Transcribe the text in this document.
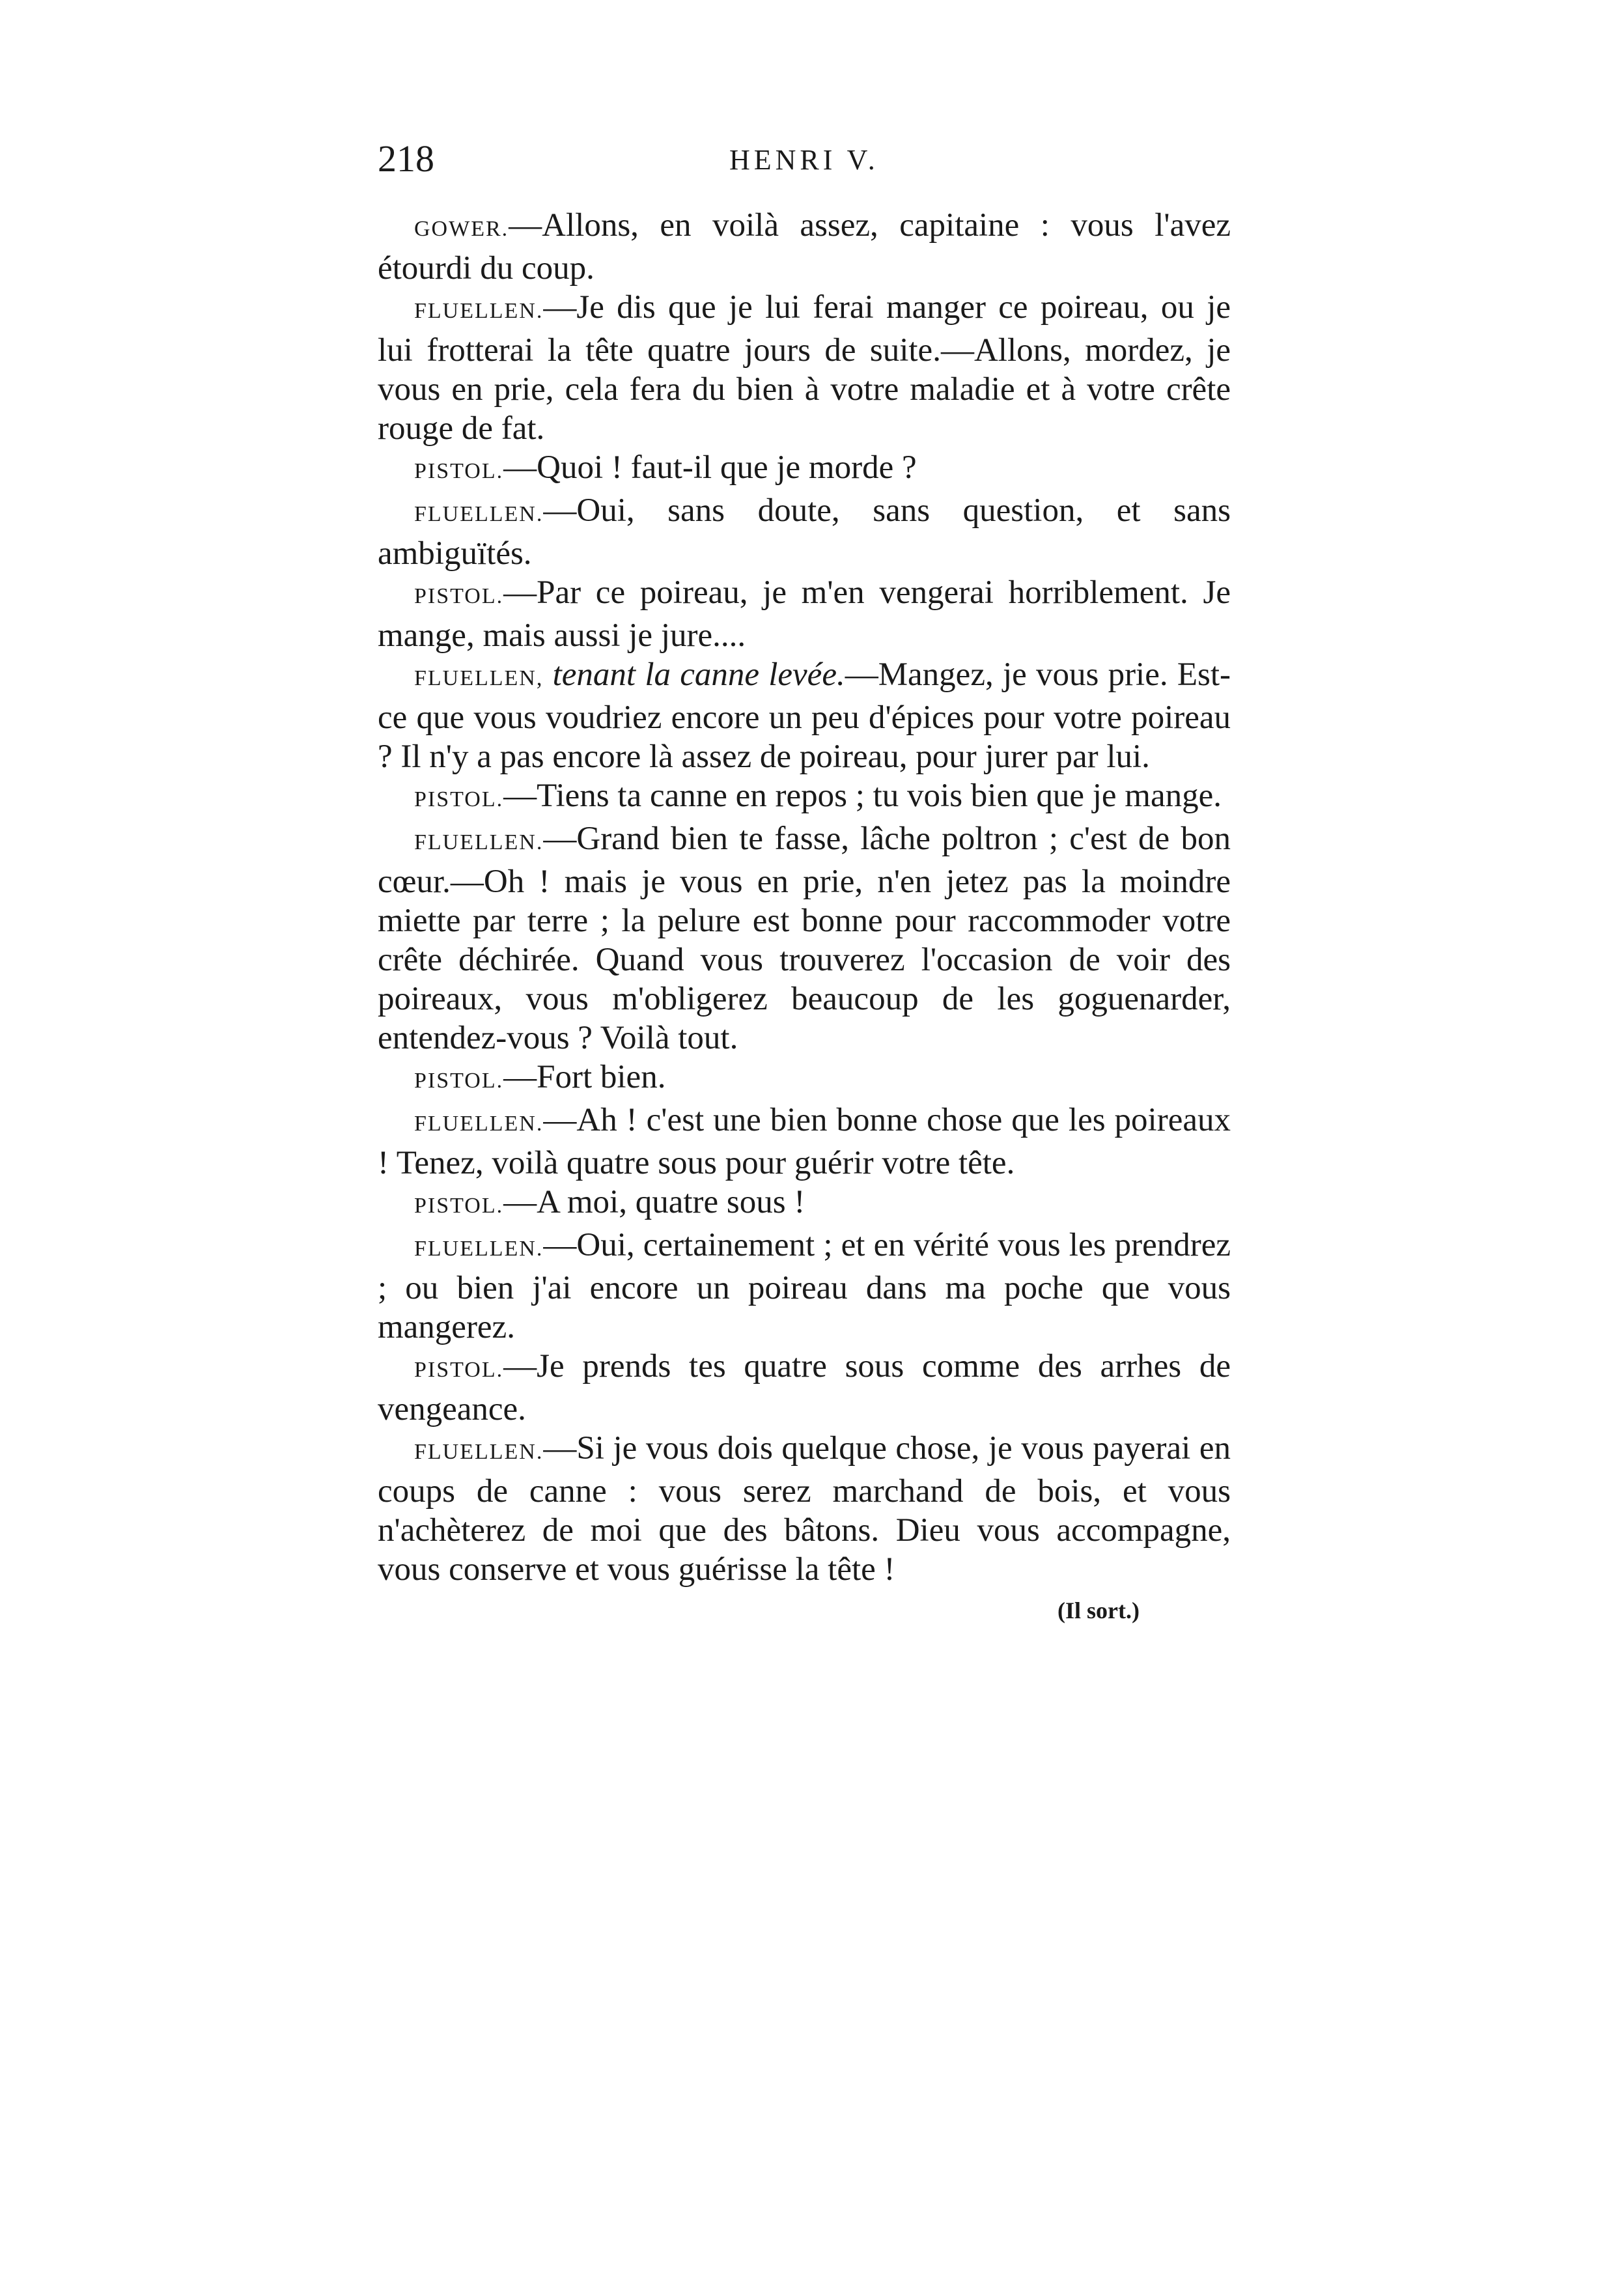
218	HENRI V.

GOWER.—Allons, en voilà assez, capitaine : vous l'avez étourdi du coup.

FLUELLEN.—Je dis que je lui ferai manger ce poireau, ou je lui frotterai la tête quatre jours de suite.—Allons, mordez, je vous en prie, cela fera du bien à votre maladie et à votre crête rouge de fat.

PISTOL.—Quoi ! faut-il que je morde ?

FLUELLEN.—Oui, sans doute, sans question, et sans ambiguïtés.

PISTOL.—Par ce poireau, je m'en vengerai horriblement. Je mange, mais aussi je jure....

FLUELLEN, tenant la canne levée.—Mangez, je vous prie. Est-ce que vous voudriez encore un peu d'épices pour votre poireau ? Il n'y a pas encore là assez de poireau, pour jurer par lui.

PISTOL.—Tiens ta canne en repos ; tu vois bien que je mange.

FLUELLEN.—Grand bien te fasse, lâche poltron ; c'est de bon cœur.—Oh ! mais je vous en prie, n'en jetez pas la moindre miette par terre ; la pelure est bonne pour raccommoder votre crête déchirée. Quand vous trouverez l'occasion de voir des poireaux, vous m'obligerez beaucoup de les goguenarder, entendez-vous ? Voilà tout.

PISTOL.—Fort bien.

FLUELLEN.—Ah ! c'est une bien bonne chose que les poireaux ! Tenez, voilà quatre sous pour guérir votre tête.

PISTOL.—A moi, quatre sous !

FLUELLEN.—Oui, certainement ; et en vérité vous les prendrez ; ou bien j'ai encore un poireau dans ma poche que vous mangerez.

PISTOL.—Je prends tes quatre sous comme des arrhes de vengeance.

FLUELLEN.—Si je vous dois quelque chose, je vous payerai en coups de canne : vous serez marchand de bois, et vous n'achèterez de moi que des bâtons. Dieu vous accompagne, vous conserve et vous guérisse la tête !

(Il sort.)
